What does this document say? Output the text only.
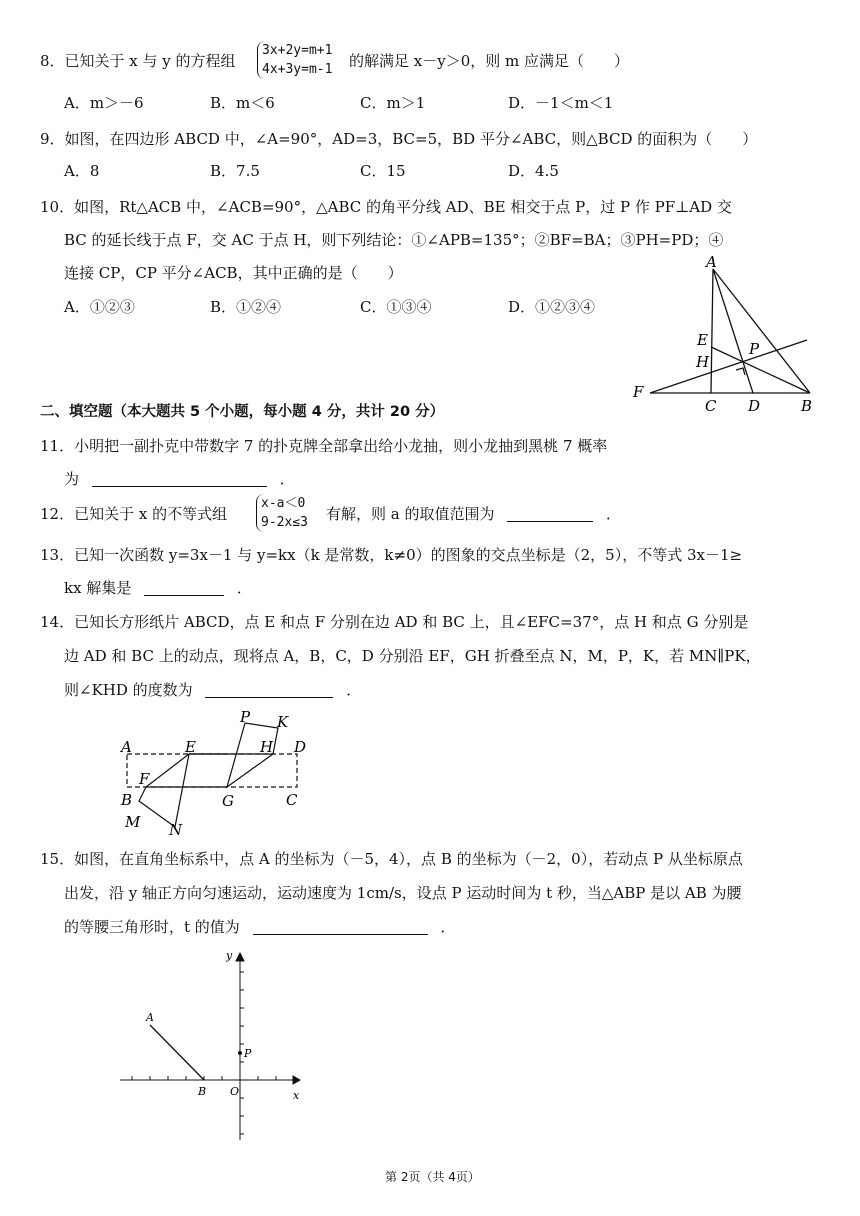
8．已知关于 x 与 y 的方程组
3x+2y=m+1
4x+3y=m-1 的解满足 x－y＞0，则 m 应满足（　　）
A．m＞－6	B．m＜6	C．m＞1	D．－1＜m＜1
9．如图，在四边形 ABCD 中，∠A=90°，AD=3，BC=5，BD 平分∠ABC，则△BCD 的面积为（　　）
A．8	B．7.5	C．15	D．4.5
10．如图，Rt△ACB 中，∠ACB=90°，△ABC 的角平分线 AD、BE 相交于点 P，过 P 作 PF⊥AD 交
BC 的延长线于点 F，交 AC 于点 H，则下列结论：①∠APB=135°；②BF=BA；③PH=PD；④
连接 CP，CP 平分∠ACB，其中正确的是（　　）
A．①②③	B．①②④	C．①③④	D．①②③④
A
E
H
P
F
C D	B
二、填空题（本大题共 5 个小题，每小题 4 分，共计 20 分）
11．小明把一副扑克中带数字 7 的扑克牌全部拿出给小龙抽，则小龙抽到黑桃 7 概率
为	．
12．已知关于 x 的不等式组
x-a＜0
9-2x≤3 有解，则 a 的取值范围为	．
13．已知一次函数 y=3x－1 与 y=kx（k 是常数，k≠0）的图象的交点坐标是（2，5），不等式 3x－1≥
kx 解集是	．
14．已知长方形纸片 ABCD，点 E 和点 F 分别在边 AD 和 BC 上，且∠EFC=37°，点 H 和点 G 分别是
边 AD 和 BC 上的动点，现将点 A，B，C，D 分别沿 EF，GH 折叠至点 N，M，P，K，若 MN∥PK，
则∠KHD 的度数为	．
A	E	H D
P K
F
B	G	C
M N
15．如图，在直角坐标系中，点 A 的坐标为（－5，4），点 B 的坐标为（－2，0），若动点 P 从坐标原点
出发，沿 y 轴正方向匀速运动，运动速度为 1cm/s，设点 P 运动时间为 t 秒，当△ABP 是以 AB 为腰
的等腰三角形时，t 的值为	．
y
x
A
B O
P
第 2页（共 4页）
